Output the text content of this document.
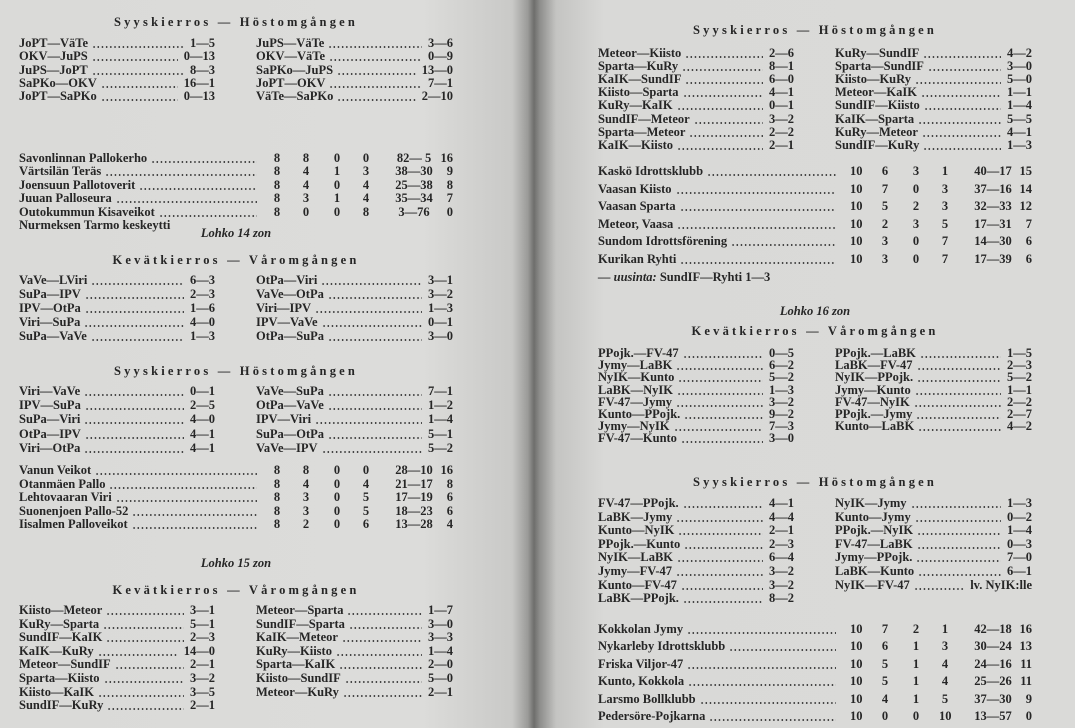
Syyskierros — Höstomgången
JoPT—VäTe	1—5
OKV—JuPS	0—13
JuPS—JoPT	8—3
SaPKo—OKV	16—1
JoPT—SaPKo	0—13
JuPS—VäTe	3—6
OKV—VäTe	0—9
SaPKo—JuPS	13—0
JoPT—OKV	7—1
VäTe—SaPKo	2—10
Savonlinnan Pallokerho	8 8 0 0	82— 5 16
Värtsilän Teräs	8 4 1 3	38—30	9
Joensuun Pallotoverit	8 4 0 4	25—38	8
Juuan Palloseura	8 3 1 4	35—34	7
Outokummun Kisaveikot	8 0 0 8	3—76	0
Nurmeksen Tarmo keskeytti
Lohko 14 zon
Kevätkierros — Våromgången
VaVe—LViri	6—3
SuPa—IPV	2—3
IPV—OtPa	1—6
Viri—SuPa	4—0
SuPa—VaVe	1—3
OtPa—Viri	3—1
VaVe—OtPa	3—2
Viri—IPV	1—3
IPV—VaVe	0—1
OtPa—SuPa	3—0
Syyskierros — Höstomgången
Viri—VaVe	0—1
IPV—SuPa	2—5
SuPa—Viri	4—0
OtPa—IPV	4—1
Viri—OtPa	4—1
VaVe—SuPa	7—1
OtPa—VaVe	1—2
IPV—Viri	1—4
SuPa—OtPa	5—1
VaVe—IPV	5—2
Vanun Veikot	8 8 0 0	28—10 16
Otanmäen Pallo	8 4 0 4	21—17	8
Lehtovaaran Viri	8 3 0 5	17—19	6
Suonenjoen Pallo-52	8 3 0 5	18—23	6
Iisalmen Palloveikot	8 2 0 6	13—28	4
Lohko 15 zon
Kevätkierros — Våromgången
Kiisto—Meteor	3—1
KuRy—Sparta	5—1
SundIF—KaIK	2—3
KaIK—KuRy	14—0
Meteor—SundIF	2—1
Sparta—Kiisto	3—2
Kiisto—KaIK	3—5
SundIF—KuRy	2—1
Meteor—Sparta	1—7
SundIF—Sparta	3—0
KaIK—Meteor	3—3
KuRy—Kiisto	1—4
Sparta—KaIK	2—0
Kiisto—SundIF	5—0
Meteor—KuRy	2—1
Syyskierros — Höstomgången
Meteor—Kiisto	2—6
Sparta—KuRy	8—1
KaIK—SundIF	6—0
Kiisto—Sparta	4—1
KuRy—KaIK	0—1
SundIF—Meteor	3—2
Sparta—Meteor	2—2
KaIK—Kiisto	2—1
KuRy—SundIF	4—2
Sparta—SundIF	3—0
Kiisto—KuRy	5—0
Meteor—KaIK	1—1
SundIF—Kiisto	1—4
KaIK—Sparta	5—5
KuRy—Meteor	4—1
SundIF—KuRy	1—3
Kaskö Idrottsklubb	10 6 3 1	40—17 15
Vaasan Kiisto	10 7 0 3	37—16 14
Vaasan Sparta	10 5 2 3	32—33 12
Meteor, Vaasa	10 2 3 5	17—31	7
Sundom Idrottsförening	10 3 0 7	14—30	6
Kurikan Ryhti	10 3 0 7	17—39	6
— uusinta: SundIF—Ryhti 1—3
Lohko 16 zon
Kevätkierros — Våromgången
PPojk.—FV-47	0—5
Jymy—LaBK	6—2
NyIK—Kunto	5—2
LaBK—NyIK	1—3
FV-47—Jymy	3—2
Kunto—PPojk.	9—2
Jymy—NyIK	7—3
FV-47—Kunto	3—0
PPojk.—LaBK	1—5
LaBK—FV-47	2—3
NyIK—PPojk.	5—2
Jymy—Kunto	1—1
FV-47—NyIK	2—2
PPojk.—Jymy	2—7
Kunto—LaBK	4—2
Syyskierros — Höstomgången
FV-47—PPojk.	4—1
LaBK—Jymy	4—4
Kunto—NyIK	2—1
PPojk.—Kunto	2—3
NyIK—LaBK	6—4
Jymy—FV-47	3—2
Kunto—FV-47	3—2
LaBK—PPojk.	8—2
NyIK—Jymy	1—3
Kunto—Jymy	0—2
PPojk.—NyIK	1—4
FV-47—LaBK	0—3
Jymy—PPojk.	7—0
LaBK—Kunto	6—1
NyIK—FV-47	lv. NyIK:lle
Kokkolan Jymy	10 7 2 1	42—18 16
Nykarleby Idrottsklubb	10 6 1 3	30—24 13
Friska Viljor-47	10 5 1 4	24—16 11
Kunto, Kokkola	10 5 1 4	25—26 11
Larsmo Bollklubb	10 4 1 5	37—30	9
Pedersöre-Pojkarna	10 0 0 10	13—57	0
